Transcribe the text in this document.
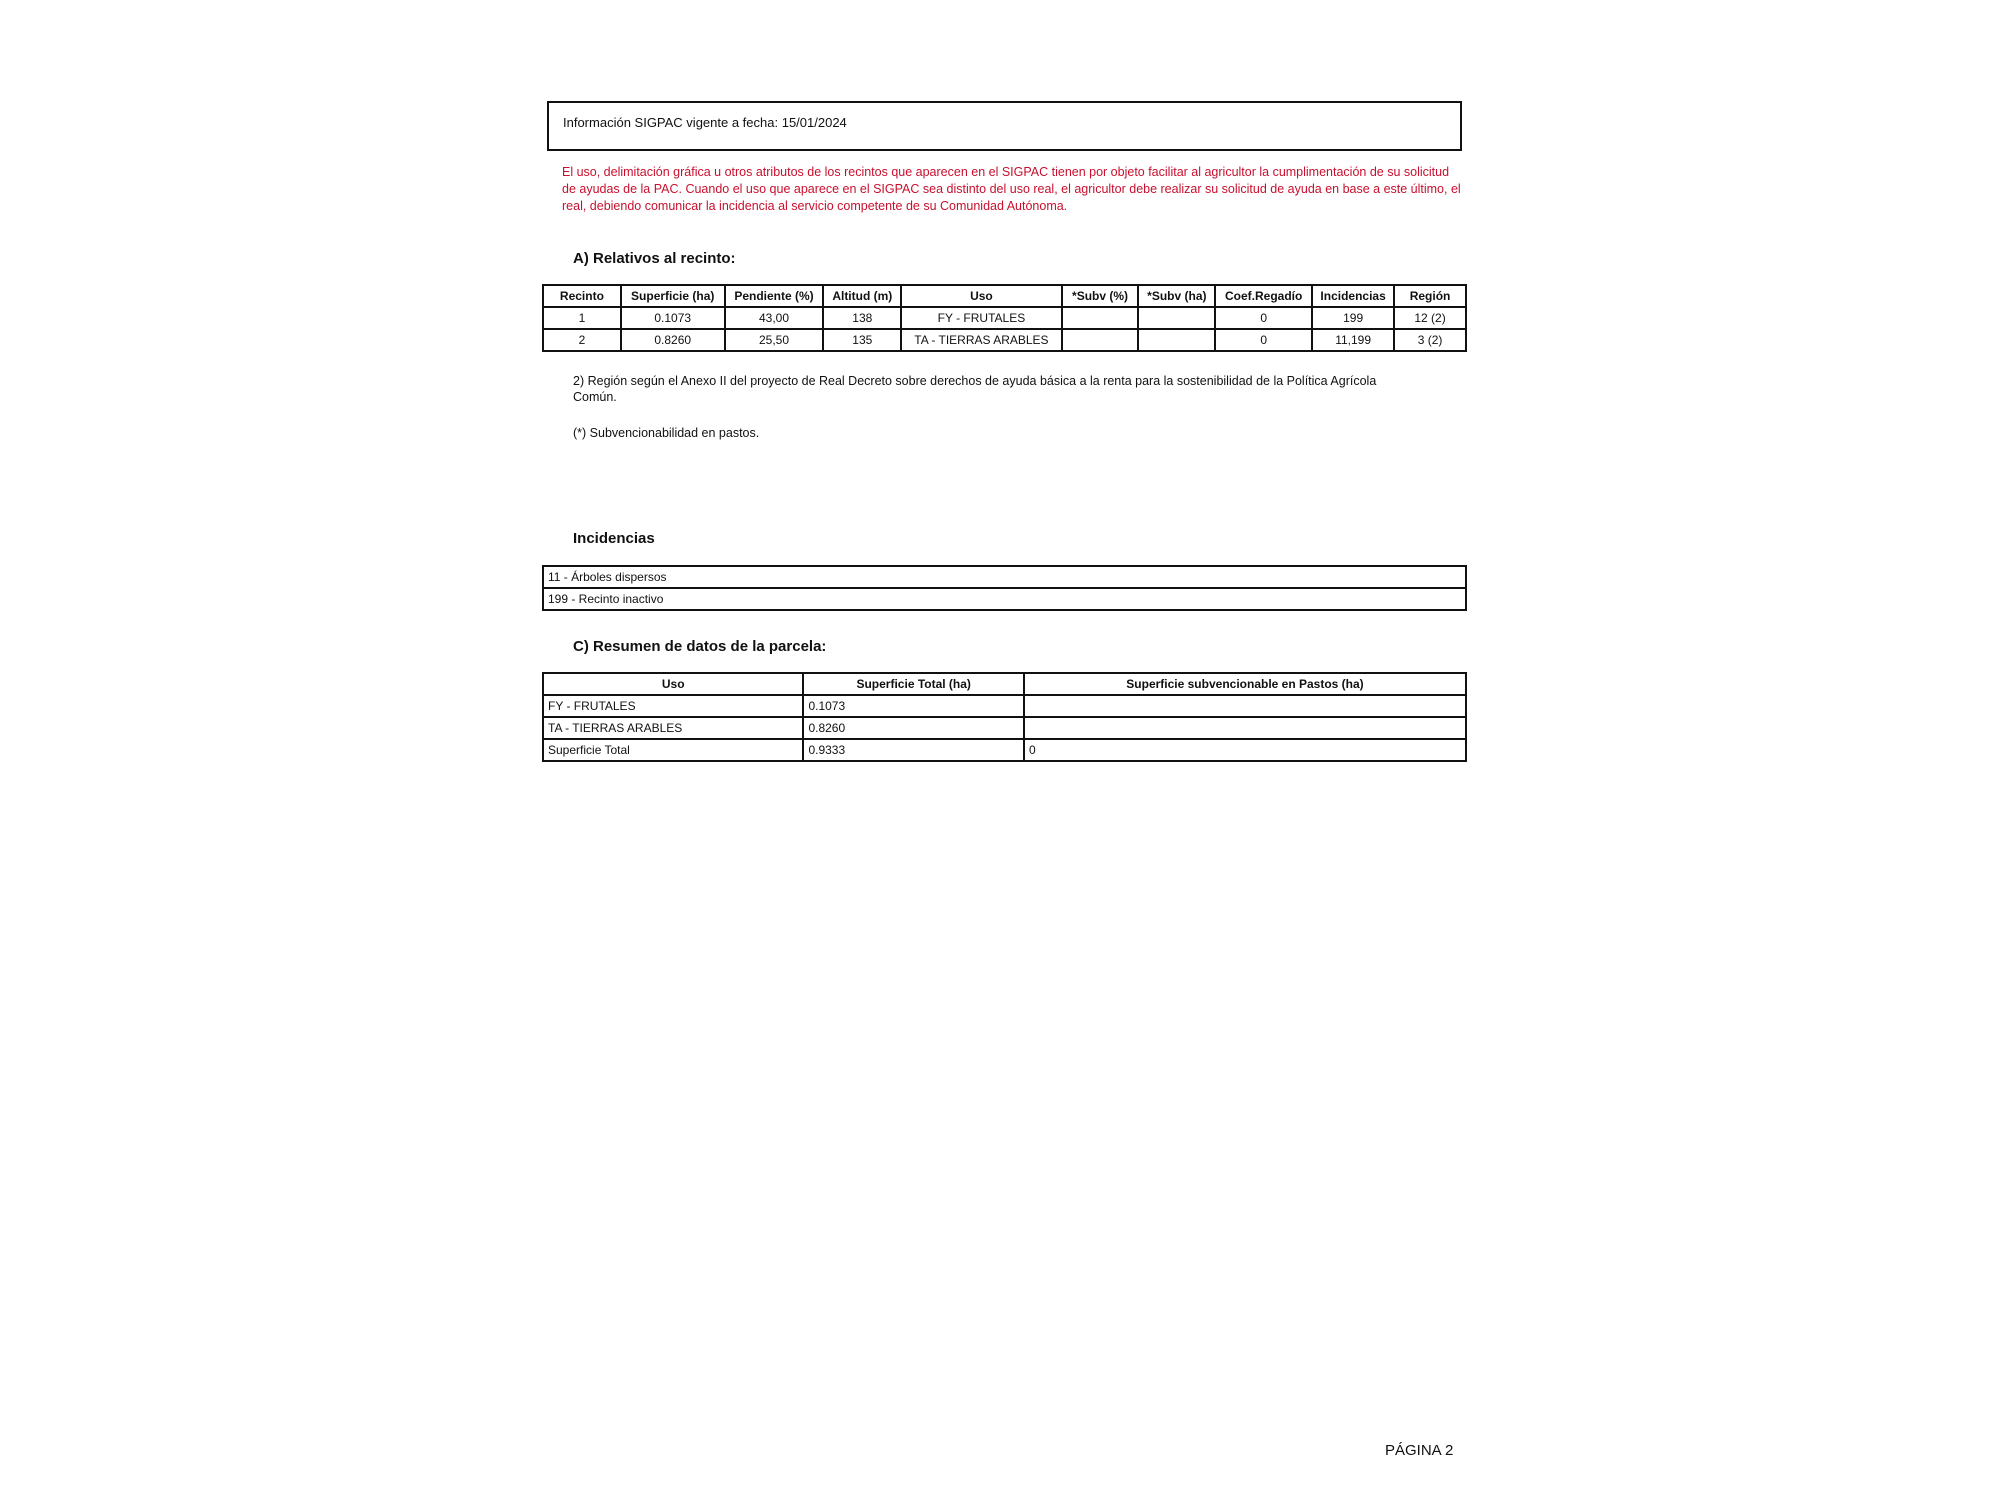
Información SIGPAC vigente a fecha: 15/01/2024
El uso, delimitación gráfica u otros atributos de los recintos que aparecen en el SIGPAC tienen por objeto facilitar al agricultor la cumplimentación de su solicitud de ayudas de la PAC. Cuando el uso que aparece en el SIGPAC sea distinto del uso real, el agricultor debe realizar su solicitud de ayuda en base a este último, el real, debiendo comunicar la incidencia al servicio competente de su Comunidad Autónoma.
A) Relativos al recinto:
Recinto	Superficie (ha)	Pendiente (%)	Altitud (m)	Uso	*Subv (%)	*Subv (ha)	Coef.Regadío	Incidencias	Región
1	0.1073	43,00	138	FY - FRUTALES			0	199	12 (2)
2	0.8260	25,50	135	TA - TIERRAS ARABLES			0	11,199	3 (2)
2) Región según el Anexo II del proyecto de Real Decreto sobre derechos de ayuda básica a la renta para la sostenibilidad de la Política Agrícola Común.
(*) Subvencionabilidad en pastos.
Incidencias
11 - Árboles dispersos
199 - Recinto inactivo
C) Resumen de datos de la parcela:
Uso	Superficie Total (ha)	Superficie subvencionable en Pastos (ha)
FY - FRUTALES	0.1073	
TA - TIERRAS ARABLES	0.8260	
Superficie Total	0.9333	0
PÁGINA 2
